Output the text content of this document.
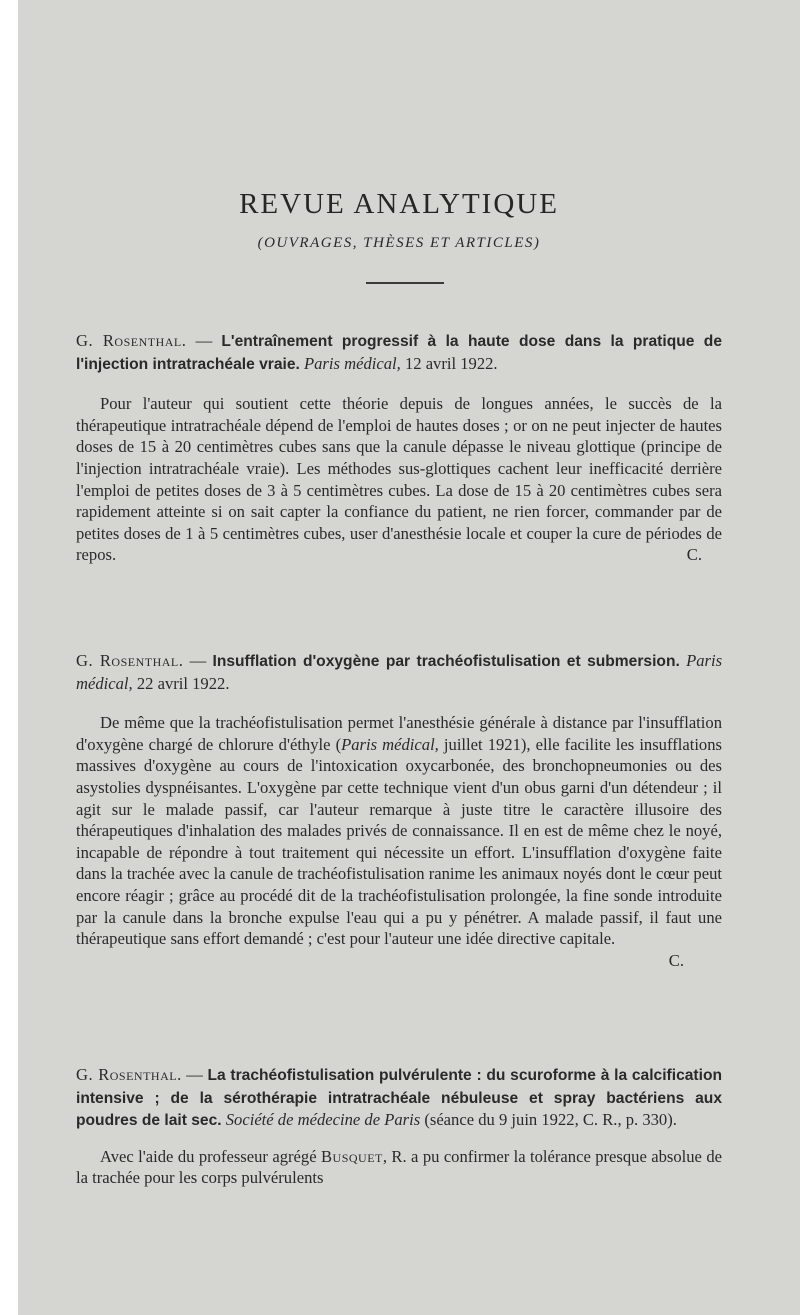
REVUE ANALYTIQUE
(OUVRAGES, THÈSES ET ARTICLES)

G. Rosenthal. — L'entraînement progressif à la haute dose dans la pratique de l'injection intratrachéale vraie. Paris médical, 12 avril 1922.

Pour l'auteur qui soutient cette théorie depuis de longues années, le succès de la thérapeutique intratrachéale dépend de l'emploi de hautes doses ; or on ne peut injecter de hautes doses de 15 à 20 centimètres cubes sans que la canule dépasse le niveau glottique (principe de l'injection intratrachéale vraie). Les méthodes sus-glottiques cachent leur inefficacité derrière l'emploi de petites doses de 3 à 5 centimètres cubes. La dose de 15 à 20 centimètres cubes sera rapidement atteinte si on sait capter la confiance du patient, ne rien forcer, commander par de petites doses de 1 à 5 centimètres cubes, user d'anesthésie locale et couper la cure de périodes de repos.	C.

G. Rosenthal. — Insufflation d'oxygène par trachéofistulisation et submersion. Paris médical, 22 avril 1922.

De même que la trachéofistulisation permet l'anesthésie générale à distance par l'insufflation d'oxygène chargé de chlorure d'éthyle (Paris médical, juillet 1921), elle facilite les insufflations massives d'oxygène au cours de l'intoxication oxycarbonée, des bronchopneumonies ou des asystolies dyspnéisantes. L'oxygène par cette technique vient d'un obus garni d'un détendeur ; il agit sur le malade passif, car l'auteur remarque à juste titre le caractère illusoire des thérapeutiques d'inhalation des malades privés de connaissance. Il en est de même chez le noyé, incapable de répondre à tout traitement qui nécessite un effort. L'insufflation d'oxygène faite dans la trachée avec la canule de trachéofistulisation ranime les animaux noyés dont le cœur peut encore réagir ; grâce au procédé dit de la trachéofistulisation prolongée, la fine sonde introduite par la canule dans la bronche expulse l'eau qui a pu y pénétrer. A malade passif, il faut une thérapeutique sans effort demandé ; c'est pour l'auteur une idée directive capitale.

C.

G. Rosenthal. — La trachéofistulisation pulvérulente : du scuroforme à la calcification intensive ; de la sérothérapie intratrachéale nébuleuse et spray bactériens aux poudres de lait sec. Société de médecine de Paris (séance du 9 juin 1922, C. R., p. 330).

Avec l'aide du professeur agrégé Busquet, R. a pu confirmer la tolérance presque absolue de la trachée pour les corps pulvérulents
